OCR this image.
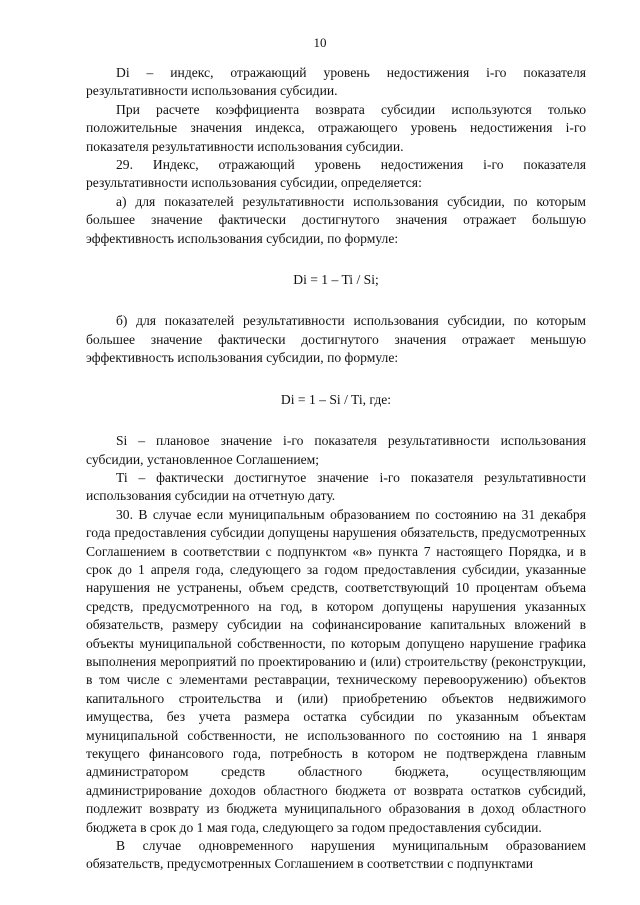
10

Di – индекс, отражающий уровень недостижения i-го показателя результативности использования субсидии.

При расчете коэффициента возврата субсидии используются только положительные значения индекса, отражающего уровень недостижения i-го показателя результативности использования субсидии.

29. Индекс, отражающий уровень недостижения i-го показателя результативности использования субсидии, определяется:

а) для показателей результативности использования субсидии, по которым большее значение фактически достигнутого значения отражает большую эффективность использования субсидии, по формуле:

Di = 1 – Ti / Si;

б) для показателей результативности использования субсидии, по которым большее значение фактически достигнутого значения отражает меньшую эффективность использования субсидии, по формуле:

Di = 1 – Si / Ti, где:

Si – плановое значение i-го показателя результативности использования субсидии, установленное Соглашением;

Ti – фактически достигнутое значение i-го показателя результативности использования субсидии на отчетную дату.

30. В случае если муниципальным образованием по состоянию на 31 декабря года предоставления субсидии допущены нарушения обязательств, предусмотренных Соглашением в соответствии с подпунктом «в» пункта 7 настоящего Порядка, и в срок до 1 апреля года, следующего за годом предоставления субсидии, указанные нарушения не устранены, объем средств, соответствующий 10 процентам объема средств, предусмотренного на год, в котором допущены нарушения указанных обязательств, размеру субсидии на софинансирование капитальных вложений в объекты муниципальной собственности, по которым допущено нарушение графика выполнения мероприятий по проектированию и (или) строительству (реконструкции, в том числе с элементами реставрации, техническому перевооружению) объектов капитального строительства и (или) приобретению объектов недвижимого имущества, без учета размера остатка субсидии по указанным объектам муниципальной собственности, не использованного по состоянию на 1 января текущего финансового года, потребность в котором не подтверждена главным администратором средств областного бюджета, осуществляющим администрирование доходов областного бюджета от возврата остатков субсидий, подлежит возврату из бюджета муниципального образования в доход областного бюджета в срок до 1 мая года, следующего за годом предоставления субсидии.

В случае одновременного нарушения муниципальным образованием обязательств, предусмотренных Соглашением в соответствии с подпунктами
